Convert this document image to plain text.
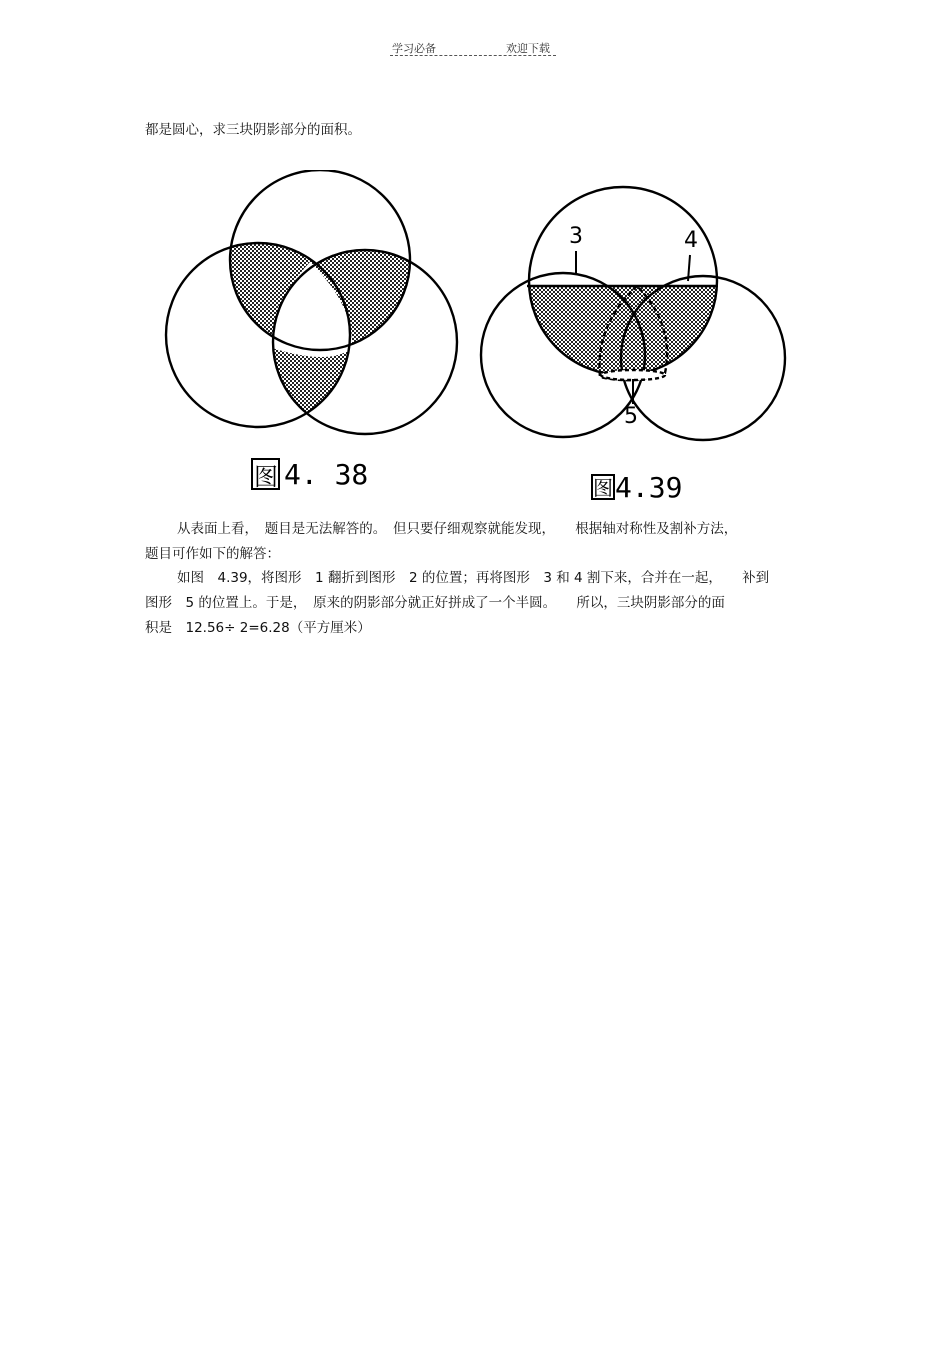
学习必备	欢迎下载
都是圆心，求三块阴影部分的面积。
图 4. 38
3	4
5
图 4.39
从表面上看，　题目是无法解答的。　但只要仔细观察就能发现，　　根据轴对称性及割补方法，
题目可作如下的解答：
如图　4.39，将图形　1 翻折到图形　2 的位置；再将图形　3 和 4 割下来，合并在一起，　　补到
图形　5 的位置上。于是，　原来的阴影部分就正好拼成了一个半圆。　　所以，三块阴影部分的面
积是　12.56÷ 2=6.28（平方厘米）
